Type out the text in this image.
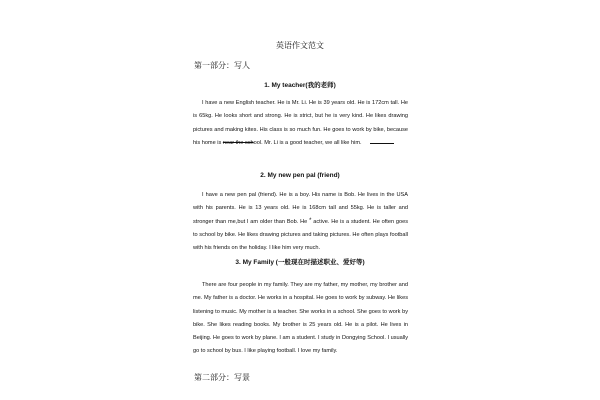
英语作文范文
第一部分：写人
1. My teacher(我的老师)

I have a new English teacher. He is Mr. Li. He is 39 years old. He is 172cm tall. He is 65kg. He looks short and strong. He is strict, but he is very kind. He likes drawing pictures and making kites. His class is so much fun. He goes to work by bike, because his home is near the school. Mr. Li is a good teacher, we all like him.

2. My new pen pal (friend)

I have a new pen pal (friend). He is a boy. His name is Bob. He lives in the USA with his parents. He is 13 years old. He is 168cm tall and 55kg. He is taller and stronger than me,but I am older than Bob. He * active. He is a student. He often goes to school by bike. He likes drawing pictures and taking pictures. He often plays football with his friends on the holiday. I like him very much.

3. My Family (一般现在时描述职业、爱好等)

There are four people in my family. They are my father, my mother, my brother and me. My father is a doctor. He works in a hospital. He goes to work by subway. He likes listening to music. My mother is a teacher. She works in a school. She goes to work by bike. She likes reading books. My brother is 25 years old. He is a pilot. He lives in Beijing. He goes to work by plane. I am a student. I study in Dongying School. I usually go to school by bus. I like playing football. I love my family.

第二部分：写景
